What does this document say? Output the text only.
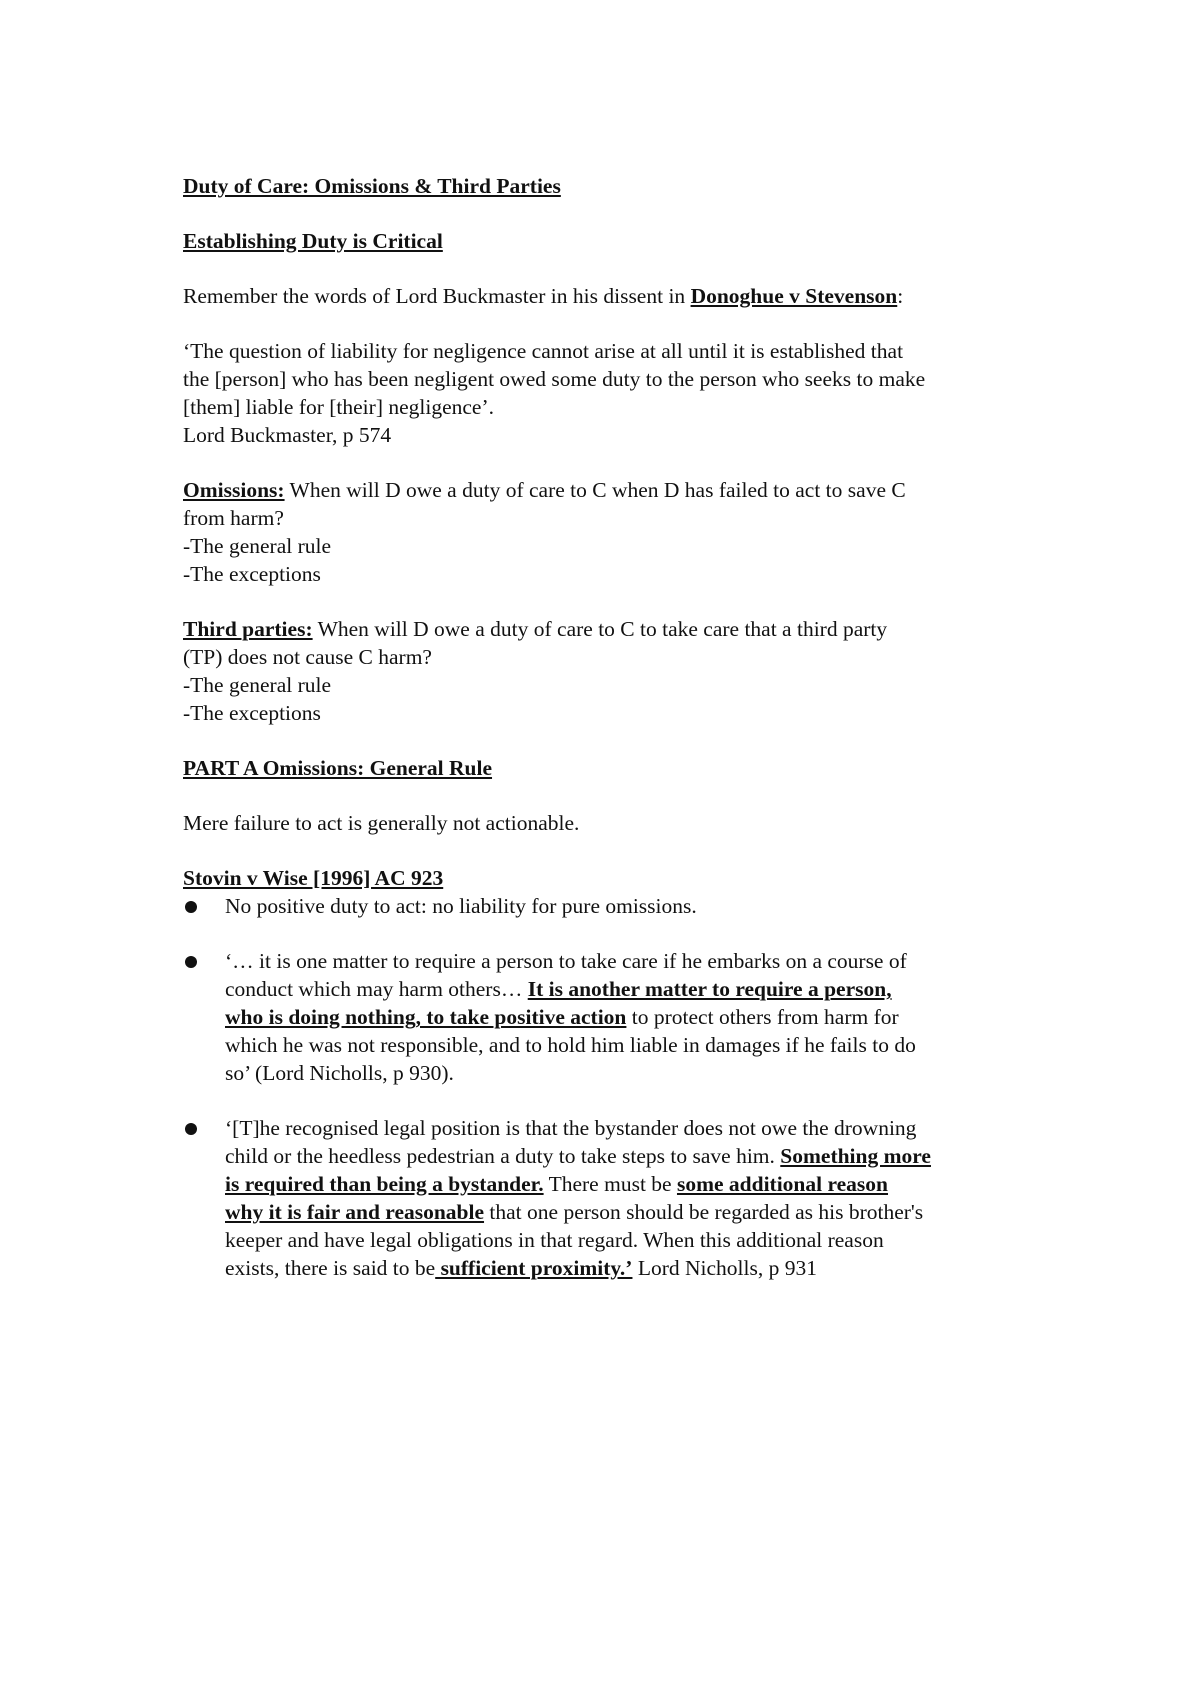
Duty of Care: Omissions & Third Parties

Establishing Duty is Critical

Remember the words of Lord Buckmaster in his dissent in Donoghue v Stevenson:

‘The question of liability for negligence cannot arise at all until it is established that

the [person] who has been negligent owed some duty to the person who seeks to make

[them] liable for [their] negligence’.

Lord Buckmaster, p 574

Omissions: When will D owe a duty of care to C when D has failed to act to save C

from harm?

-The general rule

-The exceptions

Third parties: When will D owe a duty of care to C to take care that a third party

(TP) does not cause C harm?

-The general rule

-The exceptions

PART A Omissions: General Rule

Mere failure to act is generally not actionable.

Stovin v Wise [1996] AC 923

No positive duty to act: no liability for pure omissions.

‘… it is one matter to require a person to take care if he embarks on a course of

conduct which may harm others… It is another matter to require a person,

who is doing nothing, to take positive action to protect others from harm for

which he was not responsible, and to hold him liable in damages if he fails to do

so’ (Lord Nicholls, p 930).

‘[T]he recognised legal position is that the bystander does not owe the drowning

child or the heedless pedestrian a duty to take steps to save him. Something more

is required than being a bystander. There must be some additional reason

why it is fair and reasonable that one person should be regarded as his brother's

keeper and have legal obligations in that regard. When this additional reason

exists, there is said to be sufficient proximity.’ Lord Nicholls, p 931
